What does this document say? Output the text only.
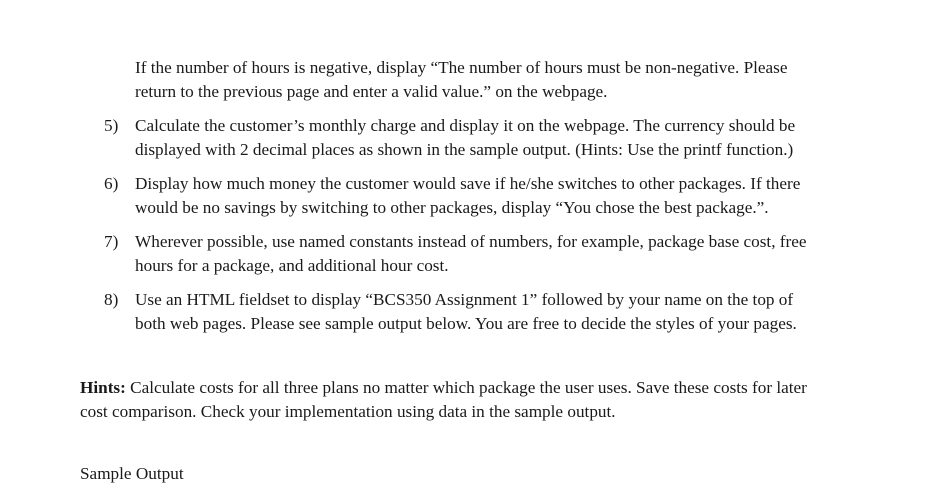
If the number of hours is negative, display “The number of hours must be non-negative. Please
return to the previous page and enter a valid value.” on the webpage.
5) Calculate the customer’s monthly charge and display it on the webpage. The currency should be
displayed with 2 decimal places as shown in the sample output. (Hints: Use the printf function.)
6) Display how much money the customer would save if he/she switches to other packages. If there
would be no savings by switching to other packages, display “You chose the best package.”.
7) Wherever possible, use named constants instead of numbers, for example, package base cost, free
hours for a package, and additional hour cost.
8) Use an HTML fieldset to display “BCS350 Assignment 1” followed by your name on the top of
both web pages. Please see sample output below. You are free to decide the styles of your pages.
Hints: Calculate costs for all three plans no matter which package the user uses. Save these costs for later
cost comparison. Check your implementation using data in the sample output.
Sample Output
